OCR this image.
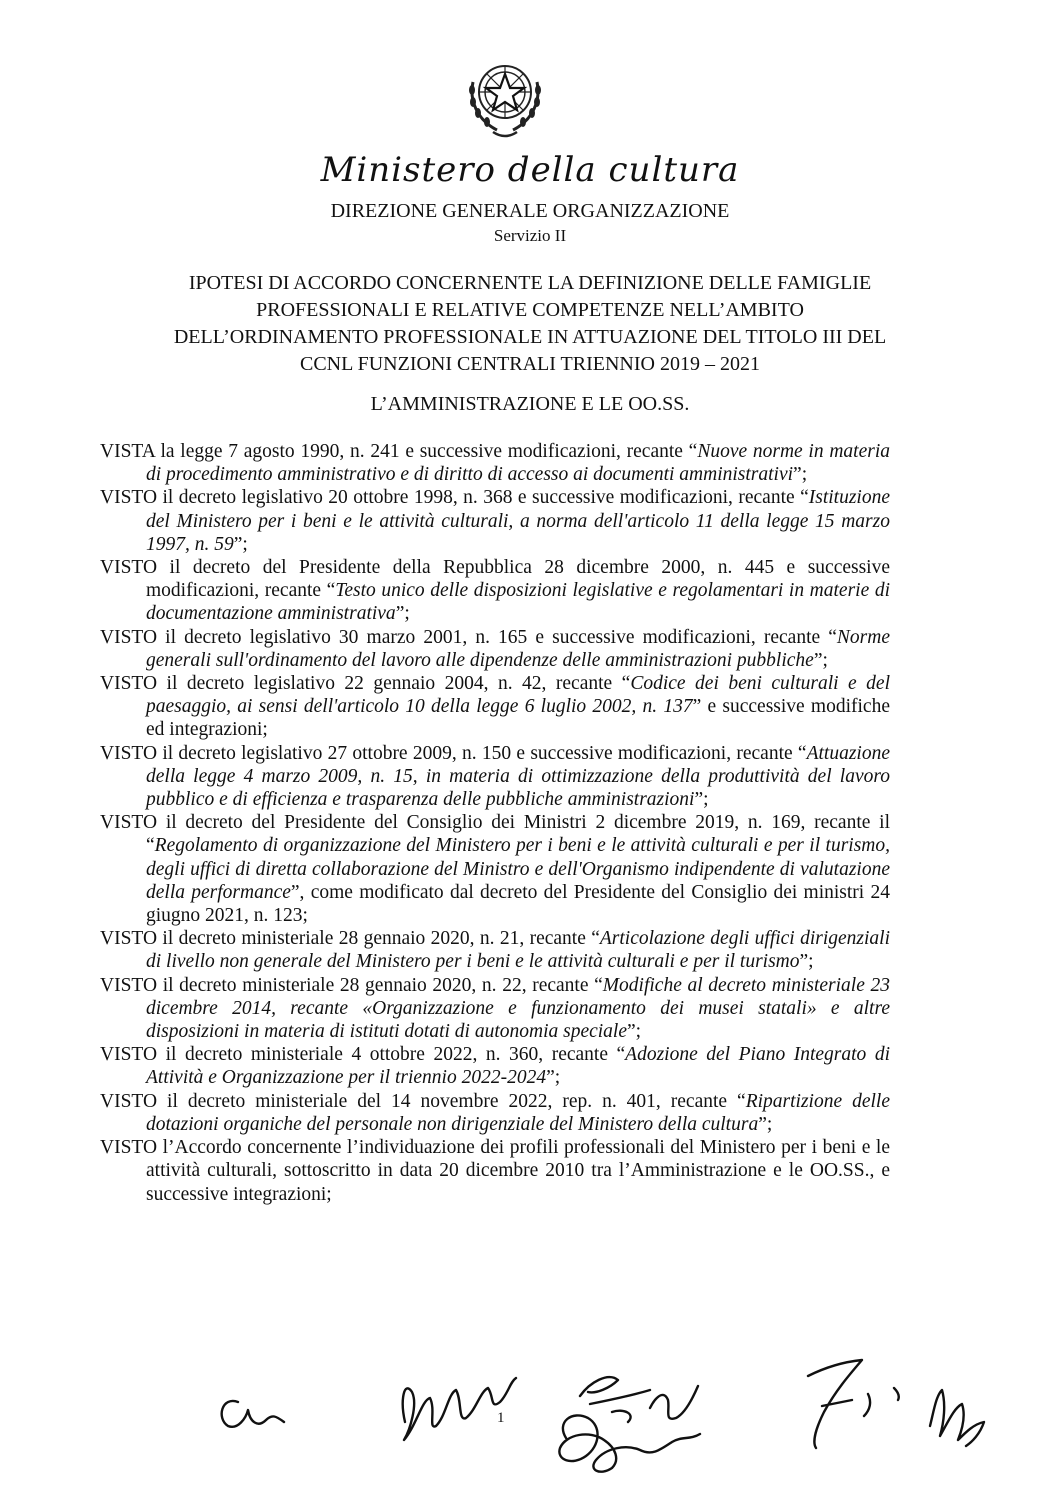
Ministero della cultura
DIREZIONE GENERALE ORGANIZZAZIONE
Servizio II
IPOTESI DI ACCORDO CONCERNENTE LA DEFINIZIONE DELLE FAMIGLIE
PROFESSIONALI E RELATIVE COMPETENZE NELL’AMBITO
DELL’ORDINAMENTO PROFESSIONALE IN ATTUAZIONE DEL TITOLO III DEL
CCNL FUNZIONI CENTRALI TRIENNIO 2019 – 2021
L’AMMINISTRAZIONE E LE OO.SS.

VISTA la legge 7 agosto 1990, n. 241 e successive modificazioni, recante “Nuove norme in materia di procedimento amministrativo e di diritto di accesso ai documenti amministrativi”;

VISTO il decreto legislativo 20 ottobre 1998, n. 368 e successive modificazioni, recante “Istituzione del Ministero per i beni e le attività culturali, a norma dell'articolo 11 della legge 15 marzo 1997, n. 59”;

VISTO il decreto del Presidente della Repubblica 28 dicembre 2000, n. 445 e successive modificazioni, recante “Testo unico delle disposizioni legislative e regolamentari in materie di documentazione amministrativa”;

VISTO il decreto legislativo 30 marzo 2001, n. 165 e successive modificazioni, recante “Norme generali sull'ordinamento del lavoro alle dipendenze delle amministrazioni pubbliche”;

VISTO il decreto legislativo 22 gennaio 2004, n. 42, recante “Codice dei beni culturali e del paesaggio, ai sensi dell'articolo 10 della legge 6 luglio 2002, n. 137” e successive modifiche ed integrazioni;

VISTO il decreto legislativo 27 ottobre 2009, n. 150 e successive modificazioni, recante “Attuazione della legge 4 marzo 2009, n. 15, in materia di ottimizzazione della produttività del lavoro pubblico e di efficienza e trasparenza delle pubbliche amministrazioni”;

VISTO il decreto del Presidente del Consiglio dei Ministri 2 dicembre 2019, n. 169, recante il “Regolamento di organizzazione del Ministero per i beni e le attività culturali e per il turismo, degli uffici di diretta collaborazione del Ministro e dell'Organismo indipendente di valutazione della performance”, come modificato dal decreto del Presidente del Consiglio dei ministri 24 giugno 2021, n. 123;

VISTO il decreto ministeriale 28 gennaio 2020, n. 21, recante “Articolazione degli uffici dirigenziali di livello non generale del Ministero per i beni e le attività culturali e per il turismo”;

VISTO il decreto ministeriale 28 gennaio 2020, n. 22, recante “Modifiche al decreto ministeriale 23 dicembre 2014, recante «Organizzazione e funzionamento dei musei statali» e altre disposizioni in materia di istituti dotati di autonomia speciale”;

VISTO il decreto ministeriale 4 ottobre 2022, n. 360, recante “Adozione del Piano Integrato di Attività e Organizzazione per il triennio 2022-2024”;

VISTO il decreto ministeriale del 14 novembre 2022, rep. n. 401, recante “Ripartizione delle dotazioni organiche del personale non dirigenziale del Ministero della cultura”;

VISTO l’Accordo concernente l’individuazione dei profili professionali del Ministero per i beni e le attività culturali, sottoscritto in data 20 dicembre 2010 tra l’Amministrazione e le OO.SS., e successive integrazioni;

1
